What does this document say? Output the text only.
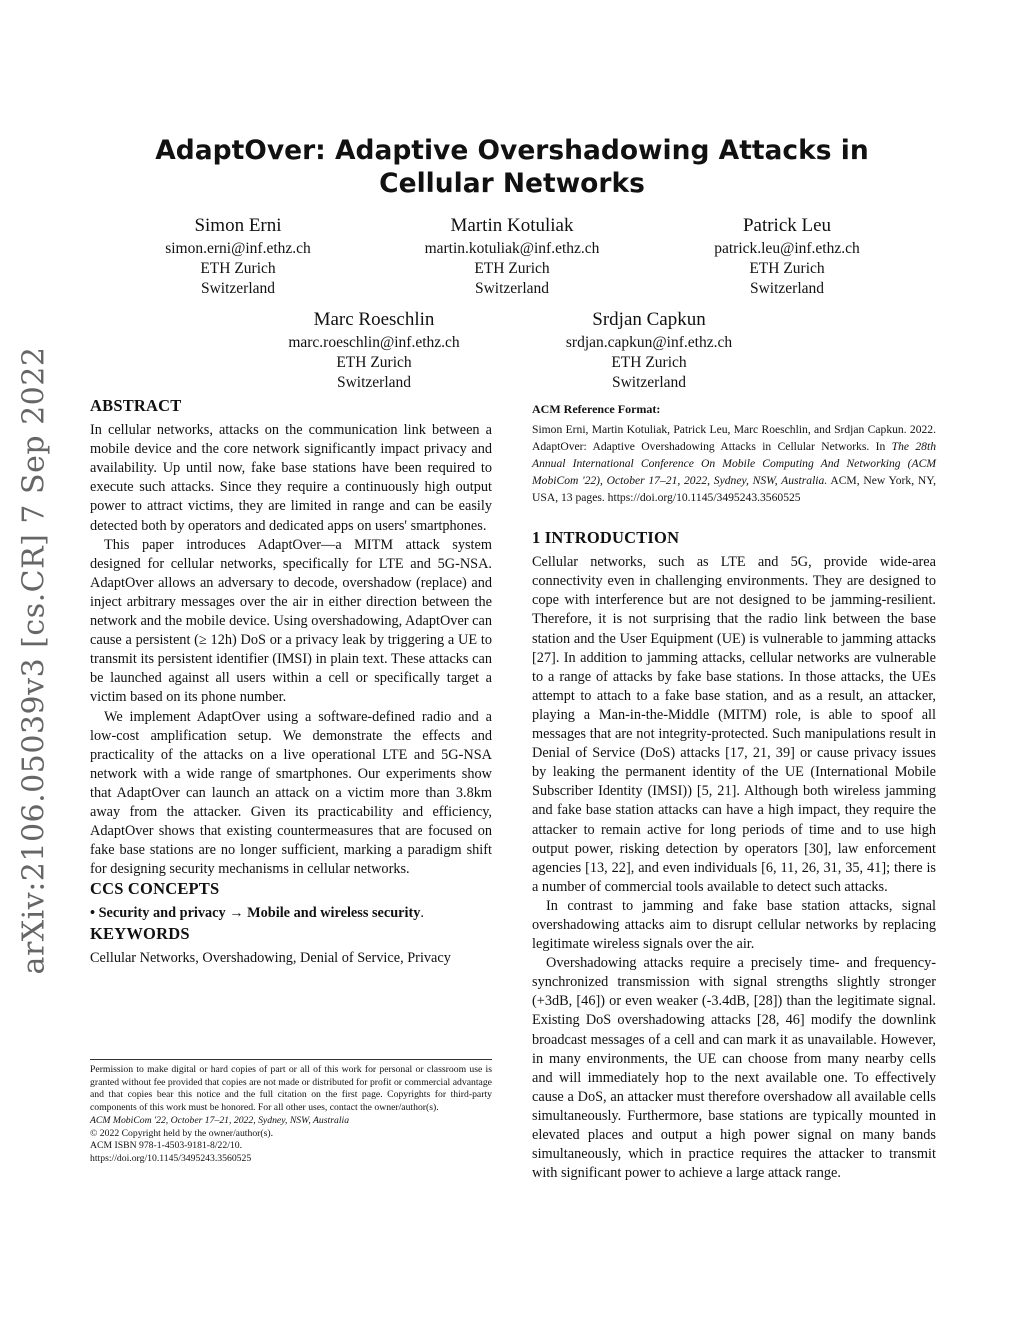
arXiv:2106.05039v3 [cs.CR] 7 Sep 2022
AdaptOver: Adaptive Overshadowing Attacks in Cellular Networks
Simon Erni
simon.erni@inf.ethz.ch
ETH Zurich
Switzerland
Martin Kotuliak
martin.kotuliak@inf.ethz.ch
ETH Zurich
Switzerland
Patrick Leu
patrick.leu@inf.ethz.ch
ETH Zurich
Switzerland
Marc Roeschlin
marc.roeschlin@inf.ethz.ch
ETH Zurich
Switzerland
Srdjan Capkun
srdjan.capkun@inf.ethz.ch
ETH Zurich
Switzerland
ABSTRACT

In cellular networks, attacks on the communication link between a mobile device and the core network significantly impact privacy and availability. Up until now, fake base stations have been required to execute such attacks. Since they require a continuously high output power to attract victims, they are limited in range and can be easily detected both by operators and dedicated apps on users' smartphones.

This paper introduces AdaptOver—a MITM attack system designed for cellular networks, specifically for LTE and 5G-NSA. AdaptOver allows an adversary to decode, overshadow (replace) and inject arbitrary messages over the air in either direction between the network and the mobile device. Using overshadowing, AdaptOver can cause a persistent (≥ 12h) DoS or a privacy leak by triggering a UE to transmit its persistent identifier (IMSI) in plain text. These attacks can be launched against all users within a cell or specifically target a victim based on its phone number.

We implement AdaptOver using a software-defined radio and a low-cost amplification setup. We demonstrate the effects and practicality of the attacks on a live operational LTE and 5G-NSA network with a wide range of smartphones. Our experiments show that AdaptOver can launch an attack on a victim more than 3.8km away from the attacker. Given its practicability and efficiency, AdaptOver shows that existing countermeasures that are focused on fake base stations are no longer sufficient, marking a paradigm shift for designing security mechanisms in cellular networks.

CCS CONCEPTS

• Security and privacy → Mobile and wireless security.

KEYWORDS

Cellular Networks, Overshadowing, Denial of Service, Privacy

Permission to make digital or hard copies of part or all of this work for personal or classroom use is granted without fee provided that copies are not made or distributed for profit or commercial advantage and that copies bear this notice and the full citation on the first page. Copyrights for third-party components of this work must be honored. For all other uses, contact the owner/author(s).

ACM MobiCom '22, October 17–21, 2022, Sydney, NSW, Australia
© 2022 Copyright held by the owner/author(s).
ACM ISBN 978-1-4503-9181-8/22/10.
https://doi.org/10.1145/3495243.3560525
ACM Reference Format:

Simon Erni, Martin Kotuliak, Patrick Leu, Marc Roeschlin, and Srdjan Capkun. 2022. AdaptOver: Adaptive Overshadowing Attacks in Cellular Networks. In The 28th Annual International Conference On Mobile Computing And Networking (ACM MobiCom '22), October 17–21, 2022, Sydney, NSW, Australia. ACM, New York, NY, USA, 13 pages. https://doi.org/10.1145/3495243.3560525

1 INTRODUCTION

Cellular networks, such as LTE and 5G, provide wide-area connectivity even in challenging environments. They are designed to cope with interference but are not designed to be jamming-resilient. Therefore, it is not surprising that the radio link between the base station and the User Equipment (UE) is vulnerable to jamming attacks [27]. In addition to jamming attacks, cellular networks are vulnerable to a range of attacks by fake base stations. In those attacks, the UEs attempt to attach to a fake base station, and as a result, an attacker, playing a Man-in-the-Middle (MITM) role, is able to spoof all messages that are not integrity-protected. Such manipulations result in Denial of Service (DoS) attacks [17, 21, 39] or cause privacy issues by leaking the permanent identity of the UE (International Mobile Subscriber Identity (IMSI)) [5, 21]. Although both wireless jamming and fake base station attacks can have a high impact, they require the attacker to remain active for long periods of time and to use high output power, risking detection by operators [30], law enforcement agencies [13, 22], and even individuals [6, 11, 26, 31, 35, 41]; there is a number of commercial tools available to detect such attacks.

In contrast to jamming and fake base station attacks, signal overshadowing attacks aim to disrupt cellular networks by replacing legitimate wireless signals over the air.

Overshadowing attacks require a precisely time- and frequency-synchronized transmission with signal strengths slightly stronger (+3dB, [46]) or even weaker (-3.4dB, [28]) than the legitimate signal. Existing DoS overshadowing attacks [28, 46] modify the downlink broadcast messages of a cell and can mark it as unavailable. However, in many environments, the UE can choose from many nearby cells and will immediately hop to the next available one. To effectively cause a DoS, an attacker must therefore overshadow all available cells simultaneously. Furthermore, base stations are typically mounted in elevated places and output a high power signal on many bands simultaneously, which in practice requires the attacker to transmit with significant power to achieve a large attack range.
